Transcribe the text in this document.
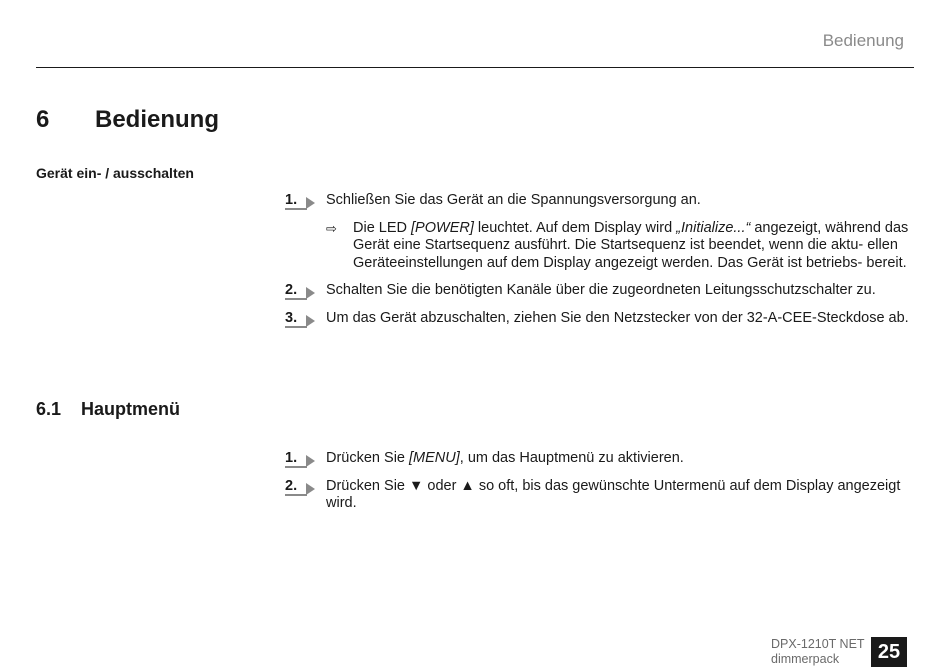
Bedienung
6 Bedienung
Gerät ein- / ausschalten
1. Schließen Sie das Gerät an die Spannungsversorgung an.
⇨ Die LED [POWER] leuchtet. Auf dem Display wird „Initialize...“ angezeigt, während das Gerät eine Startsequenz ausführt. Die Startsequenz ist beendet, wenn die aktu- ellen Geräteeinstellungen auf dem Display angezeigt werden. Das Gerät ist betriebs- bereit.
2. Schalten Sie die benötigten Kanäle über die zugeordneten Leitungsschutzschalter zu.
3. Um das Gerät abzuschalten, ziehen Sie den Netzstecker von der 32-A-CEE-Steckdose ab.
6.1 Hauptmenü
1. Drücken Sie [MENU], um das Hauptmenü zu aktivieren.
2. Drücken Sie ▼ oder ▲ so oft, bis das gewünschte Untermenü auf dem Display angezeigt wird.
DPX-1210T NET
dimmerpack	25
